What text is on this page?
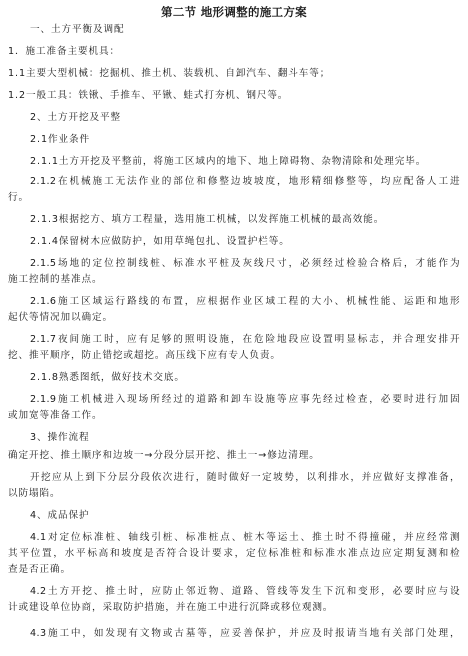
第二节 地形调整的施工方案
一、土方平衡及调配
1．施工准备主要机具：
1.1主要大型机械：挖掘机、推土机、装载机、自卸汽车、翻斗车等；
1.2一般工具：铁锹、手推车、平锹、蛙式打夯机、钢尺等。
2、土方开挖及平整
2.1作业条件
2.1.1土方开挖及平整前，将施工区域内的地下、地上障碍物、杂物清除和处理完毕。
2.1.2在机械施工无法作业的部位和修整边坡坡度，地形精细修整等，均应配备人工进
行。
2.1.3根据挖方、填方工程量，选用施工机械，以发挥施工机械的最高效能。
2.1.4保留树木应做防护，如用草绳包扎、设置护栏等。
2.1.5场地的定位控制线桩、标准水平桩及灰线尺寸，必须经过检验合格后，才能作为
施工控制的基准点。
2.1.6施工区域运行路线的布置，应根据作业区域工程的大小、机械性能、运距和地形
起伏等情况加以确定。
2.1.7夜间施工时，应有足够的照明设施，在危险地段应设置明显标志，并合理安排开
挖、推平顺序，防止错挖或超挖。高压线下应有专人负责。
2.1.8熟悉图纸，做好技术交底。
2.1.9施工机械进入现场所经过的道路和卸车设施等应事先经过检查，必要时进行加固
或加宽等准备工作。
3、操作流程
确定开挖、推土顺序和边坡一→分段分层开挖、推土一→修边清理。
开挖应从上到下分层分段依次进行，随时做好一定坡势，以利排水，并应做好支撑准备，
以防塌陷。
4、成品保护
4.1对定位标准桩、轴线引桩、标准桩点、桩木等运土、推土时不得撞碰，并应经常测
其平位置，水平标高和坡度是否符合设计要求，定位标准桩和标准水准点边应定期复测和检
查是否正确。
4.2土方开挖、推土时，应防止邻近物、道路、管线等发生下沉和变形，必要时应与设
计或建设单位协商，采取防护措施，并在施工中进行沉降或移位观测。
4.3施工中，如发现有文物或古墓等，应妥善保护，并应及时报请当地有关部门处理，
